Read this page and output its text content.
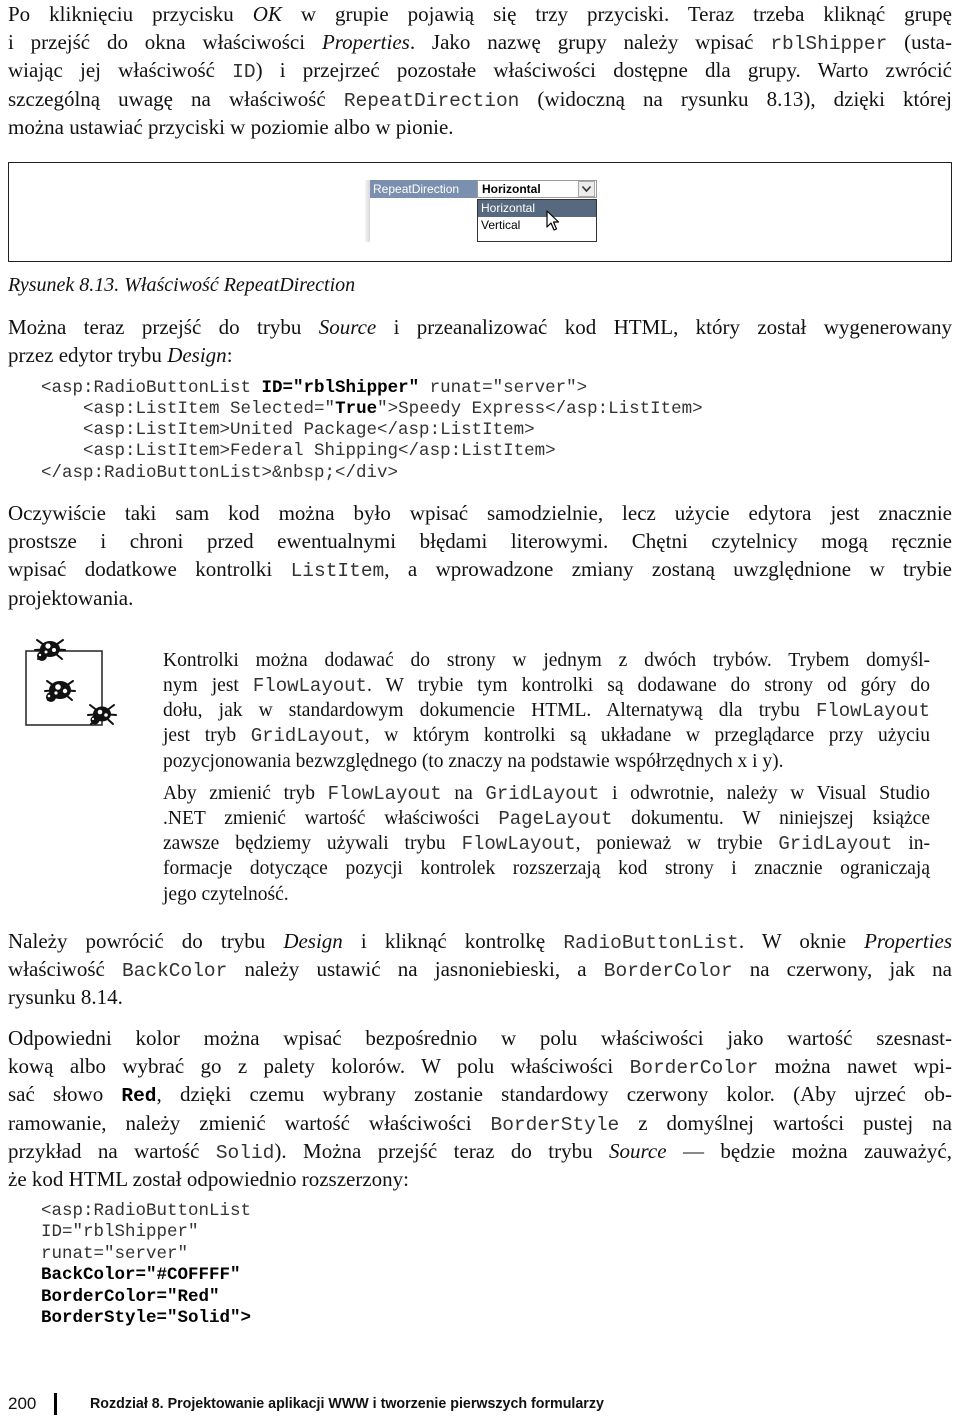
Po kliknięciu przycisku OK w grupie pojawią się trzy przyciski. Teraz trzeba kliknąć grupę
i przejść do okna właściwości Properties. Jako nazwę grupy należy wpisać rblShipper (usta-
wiając jej właściwość ID) i przejrzeć pozostałe właściwości dostępne dla grupy. Warto zwrócić
szczególną uwagę na właściwość RepeatDirection (widoczną na rysunku 8.13), dzięki której
można ustawiać przyciski w poziomie albo w pionie.
RepeatDirection	Horizontal
Horizontal
Vertical
Rysunek 8.13. Właściwość RepeatDirection
Można teraz przejść do trybu Source i przeanalizować kod HTML, który został wygenerowany
przez edytor trybu Design:
<asp:RadioButtonList ID="rblShipper" runat="server">
<asp:ListItem Selected="True">Speedy Express</asp:ListItem>
<asp:ListItem>United Package</asp:ListItem>
<asp:ListItem>Federal Shipping</asp:ListItem>
</asp:RadioButtonList>&nbsp;</div>
Oczywiście taki sam kod można było wpisać samodzielnie, lecz użycie edytora jest znacznie
prostsze i chroni przed ewentualnymi błędami literowymi. Chętni czytelnicy mogą ręcznie
wpisać dodatkowe kontrolki ListItem, a wprowadzone zmiany zostaną uwzględnione w trybie
projektowania.
Kontrolki można dodawać do strony w jednym z dwóch trybów. Trybem domyśl-
nym jest FlowLayout. W trybie tym kontrolki są dodawane do strony od góry do
dołu, jak w standardowym dokumencie HTML. Alternatywą dla trybu FlowLayout
jest tryb GridLayout, w którym kontrolki są układane w przeglądarce przy użyciu
pozycjonowania bezwzględnego (to znaczy na podstawie współrzędnych x i y).
Aby zmienić tryb FlowLayout na GridLayout i odwrotnie, należy w Visual Studio
.NET zmienić wartość właściwości PageLayout dokumentu. W niniejszej książce
zawsze będziemy używali trybu FlowLayout, ponieważ w trybie GridLayout in-
formacje dotyczące pozycji kontrolek rozszerzają kod strony i znacznie ograniczają
jego czytelność.
Należy powrócić do trybu Design i kliknąć kontrolkę RadioButtonList. W oknie Properties
właściwość BackColor należy ustawić na jasnoniebieski, a BorderColor na czerwony, jak na
rysunku 8.14.
Odpowiedni kolor można wpisać bezpośrednio w polu właściwości jako wartość szesnast-
kową albo wybrać go z palety kolorów. W polu właściwości BorderColor można nawet wpi-
sać słowo Red, dzięki czemu wybrany zostanie standardowy czerwony kolor. (Aby ujrzeć ob-
ramowanie, należy zmienić wartość właściwości BorderStyle z domyślnej wartości pustej na
przykład na wartość Solid). Można przejść teraz do trybu Source — będzie można zauważyć,
że kod HTML został odpowiednio rozszerzony:
<asp:RadioButtonList
ID="rblShipper"
runat="server"
BackColor="#COFFFF"
BorderColor="Red"
BorderStyle="Solid">
200	Rozdział 8. Projektowanie aplikacji WWW i tworzenie pierwszych formularzy
